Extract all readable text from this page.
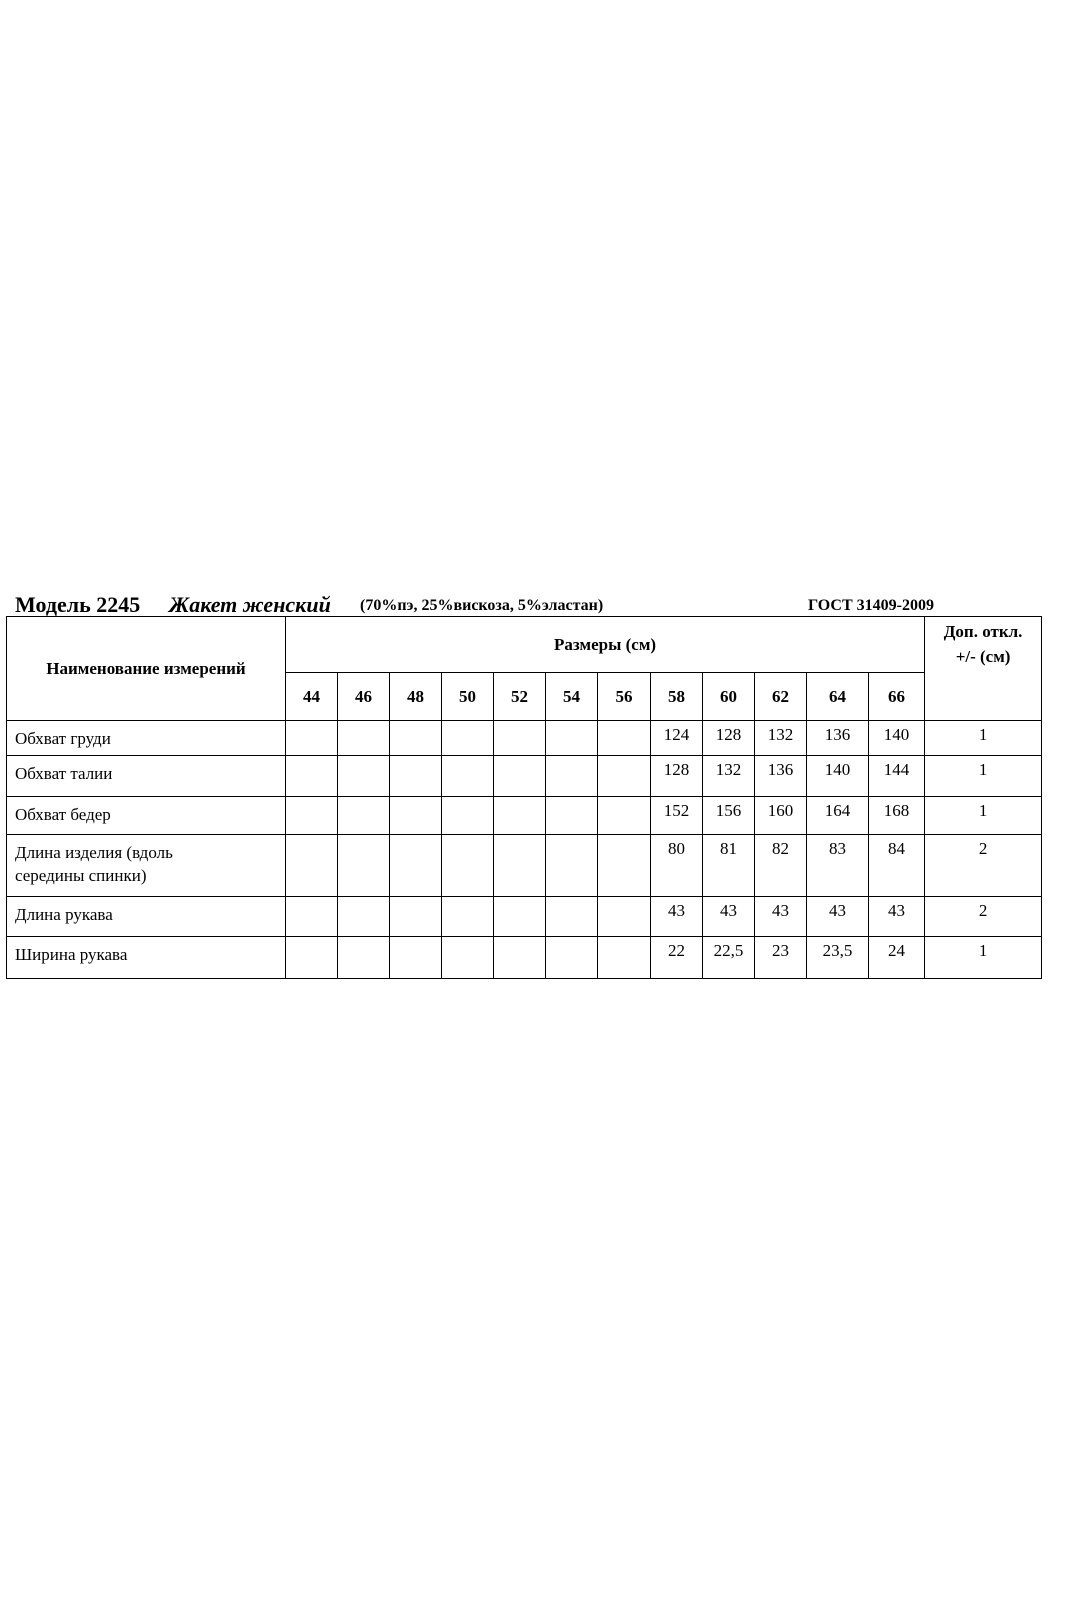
Модель 2245 Жакет женский (70%пэ, 25%вискоза, 5%эластан)	ГОСТ 31409-2009
Наименование измерений	Размеры (см)												Доп. откл.
+/- (см)

	44	46	48	50	52	54	56	58	60	62	64	66	
Обхват груди								124	128	132	136	140	1
Обхват талии								128	132	136	140	144	1
Обхват бедер								152	156	160	164	168	1

Длина изделия (вдоль
середины спинки)								80	81	82	83	84	2
Длина рукава								43	43	43	43	43	2
Ширина рукава								22	22,5	23	23,5	24	1
